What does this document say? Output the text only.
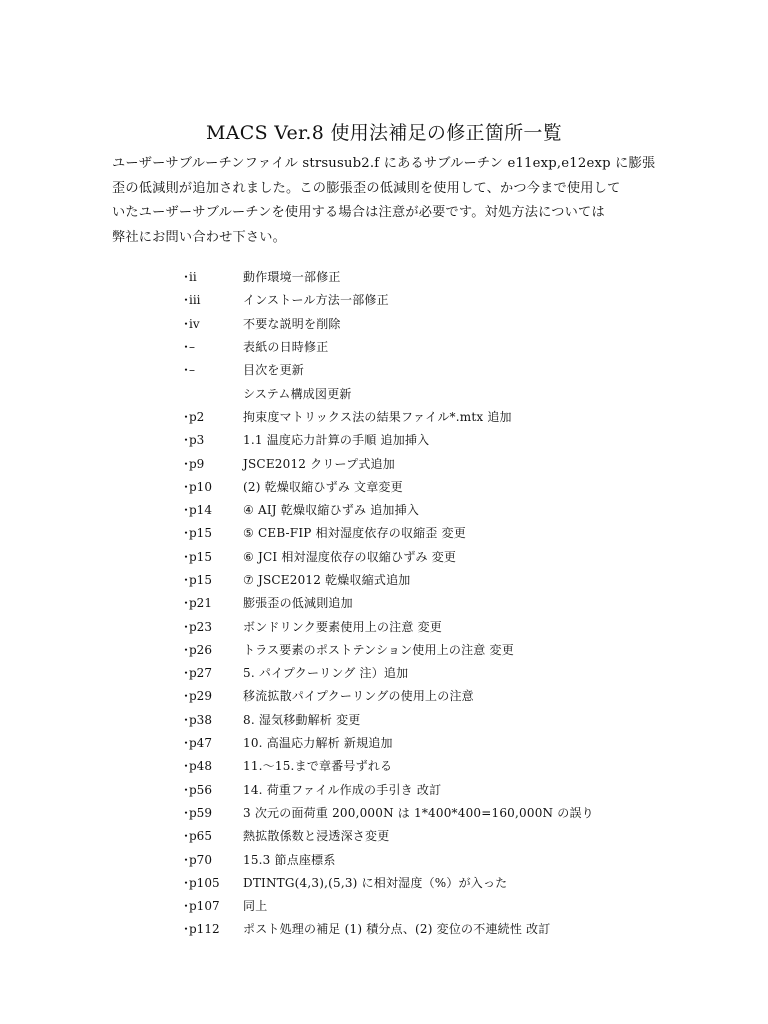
MACS Ver.8 使用法補足の修正箇所一覧

ユーザーサブルーチンファイル strsusub2.f にあるサブルーチン e11exp,e12exp に膨張

歪の低減則が追加されました。この膨張歪の低減則を使用して、かつ今まで使用して

いたユーザーサブルーチンを使用する場合は注意が必要です。対処方法については

弊社にお問い合わせ下さい。

･ii	動作環境一部修正
･iii	インストール方法一部修正
･iv	不要な説明を削除
･–	表紙の日時修正
･–	目次を更新
システム構成図更新
･p2	拘束度マトリックス法の結果ファイル*.mtx 追加
･p3	1.1 温度応力計算の手順 追加挿入
･p9	JSCE2012 クリープ式追加
･p10	(2) 乾燥収縮ひずみ 文章変更
･p14	④ AIJ 乾燥収縮ひずみ 追加挿入
･p15	⑤ CEB-FIP 相対湿度依存の収縮歪 変更
･p15	⑥ JCI 相対湿度依存の収縮ひずみ 変更
･p15	⑦ JSCE2012 乾燥収縮式追加
･p21	膨張歪の低減則追加
･p23	ボンドリンク要素使用上の注意 変更
･p26	トラス要素のポストテンション使用上の注意 変更
･p27	5. パイプクーリング 注）追加
･p29	移流拡散パイプクーリングの使用上の注意
･p38	8. 湿気移動解析 変更
･p47	10. 高温応力解析 新規追加
･p48	11.～15.まで章番号ずれる
･p56	14. 荷重ファイル作成の手引き 改訂
･p59	3 次元の面荷重 200,000N は 1*400*400=160,000N の誤り
･p65	熱拡散係数と浸透深さ変更
･p70	15.3 節点座標系
･p105	DTINTG(4,3),(5,3) に相対湿度（%）が入った
･p107	同上
･p112	ポスト処理の補足 (1) 積分点、(2) 変位の不連続性 改訂
